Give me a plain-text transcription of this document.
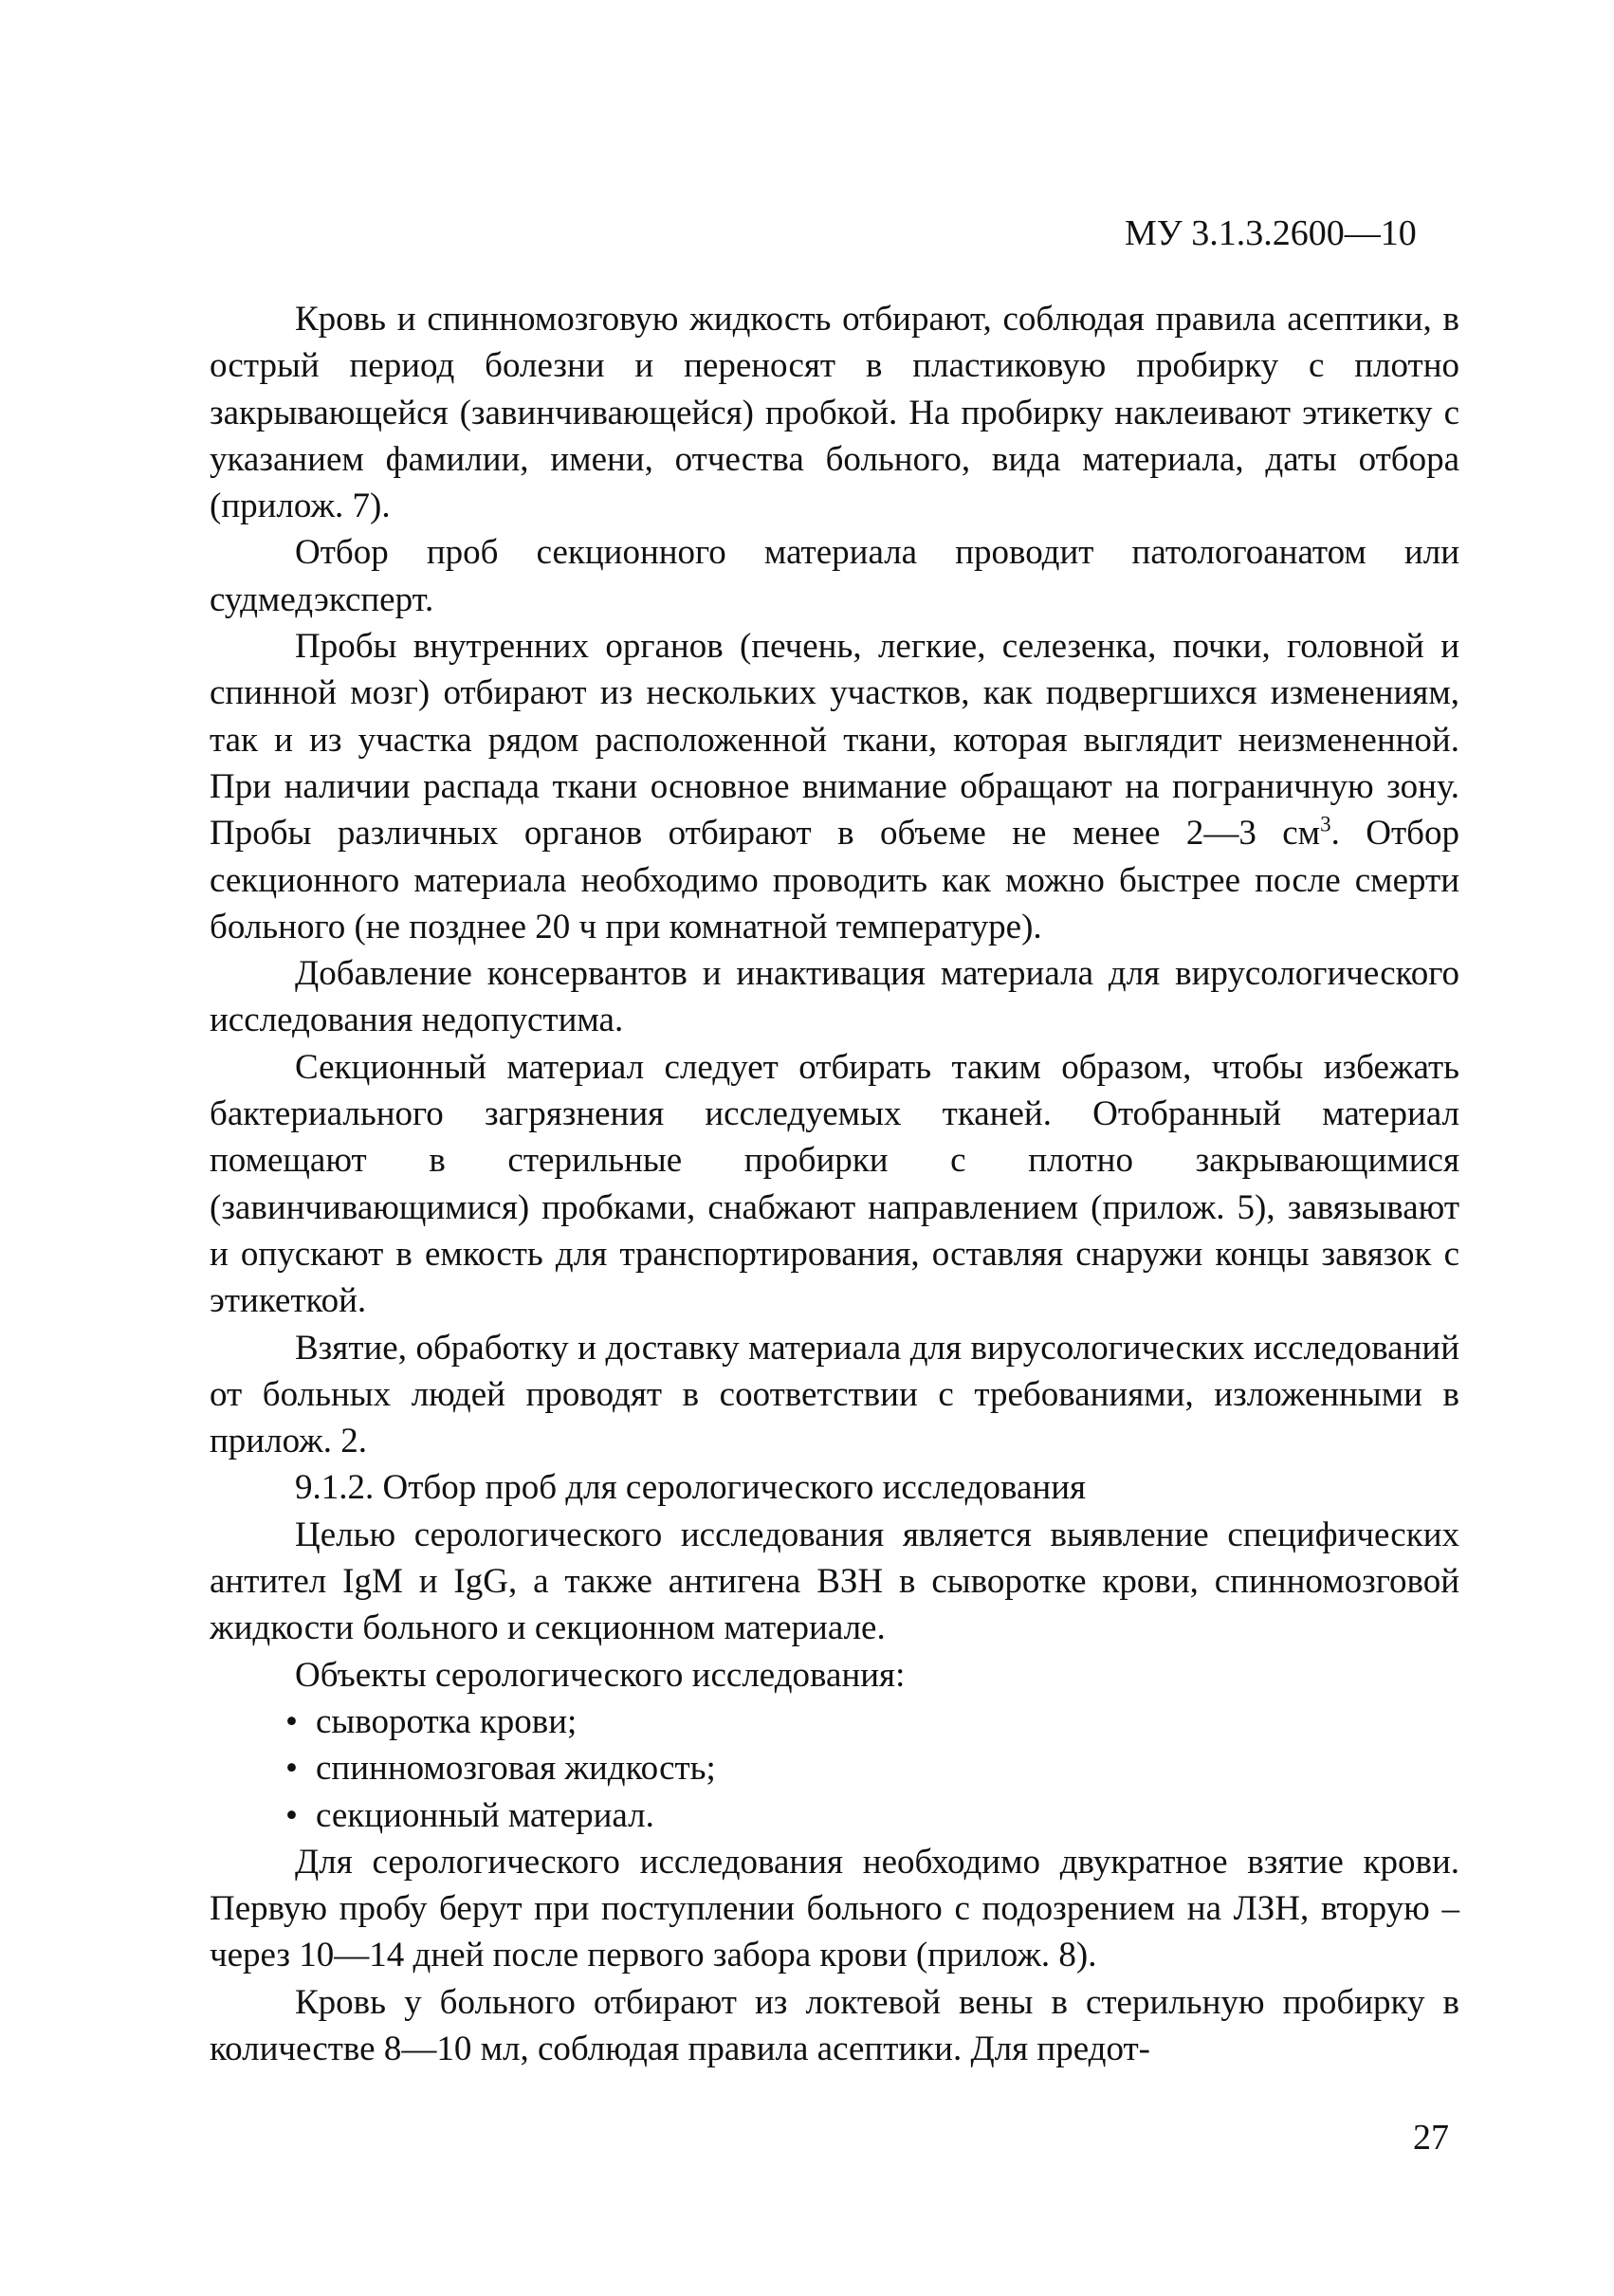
МУ 3.1.3.2600—10

Кровь и спинномозговую жидкость отбирают, соблюдая правила асептики, в острый период болезни и переносят в пластиковую пробирку с плотно закрывающейся (завинчивающейся) пробкой. На пробирку наклеивают этикетку с указанием фамилии, имени, отчества больного, вида материала, даты отбора (прилож. 7).

Отбор проб секционного материала проводит патологоанатом или судмедэксперт.

Пробы внутренних органов (печень, легкие, селезенка, почки, головной и спинной мозг) отбирают из нескольких участков, как подвергшихся изменениям, так и из участка рядом расположенной ткани, которая выглядит неизмененной. При наличии распада ткани основное внимание обращают на пограничную зону. Пробы различных органов отбирают в объеме не менее 2—3 $см^3$. Отбор секционного материала необходимо проводить как можно быстрее после смерти больного (не позднее 20 ч при комнатной температуре).

Добавление консервантов и инактивация материала для вирусологического исследования недопустима.

Секционный материал следует отбирать таким образом, чтобы избежать бактериального загрязнения исследуемых тканей. Отобранный материал помещают в стерильные пробирки с плотно закрывающимися (завинчивающимися) пробками, снабжают направлением (прилож. 5), завязывают и опускают в емкость для транспортирования, оставляя снаружи концы завязок с этикеткой.

Взятие, обработку и доставку материала для вирусологических исследований от больных людей проводят в соответствии с требованиями, изложенными в прилож. 2.

9.1.2. Отбор проб для серологического исследования

Целью серологического исследования является выявление специфических антител IgM и IgG, а также антигена ВЗН в сыворотке крови, спинномозговой жидкости больного и секционном материале.

Объекты серологического исследования:

• сыворотка крови;
• спинномозговая жидкость;
• секционный материал.

Для серологического исследования необходимо двукратное взятие крови. Первую пробу берут при поступлении больного с подозрением на ЛЗН, вторую – через 10—14 дней после первого забора крови (прилож. 8).

Кровь у больного отбирают из локтевой вены в стерильную пробирку в количестве 8—10 мл, соблюдая правила асептики. Для предот-

27
